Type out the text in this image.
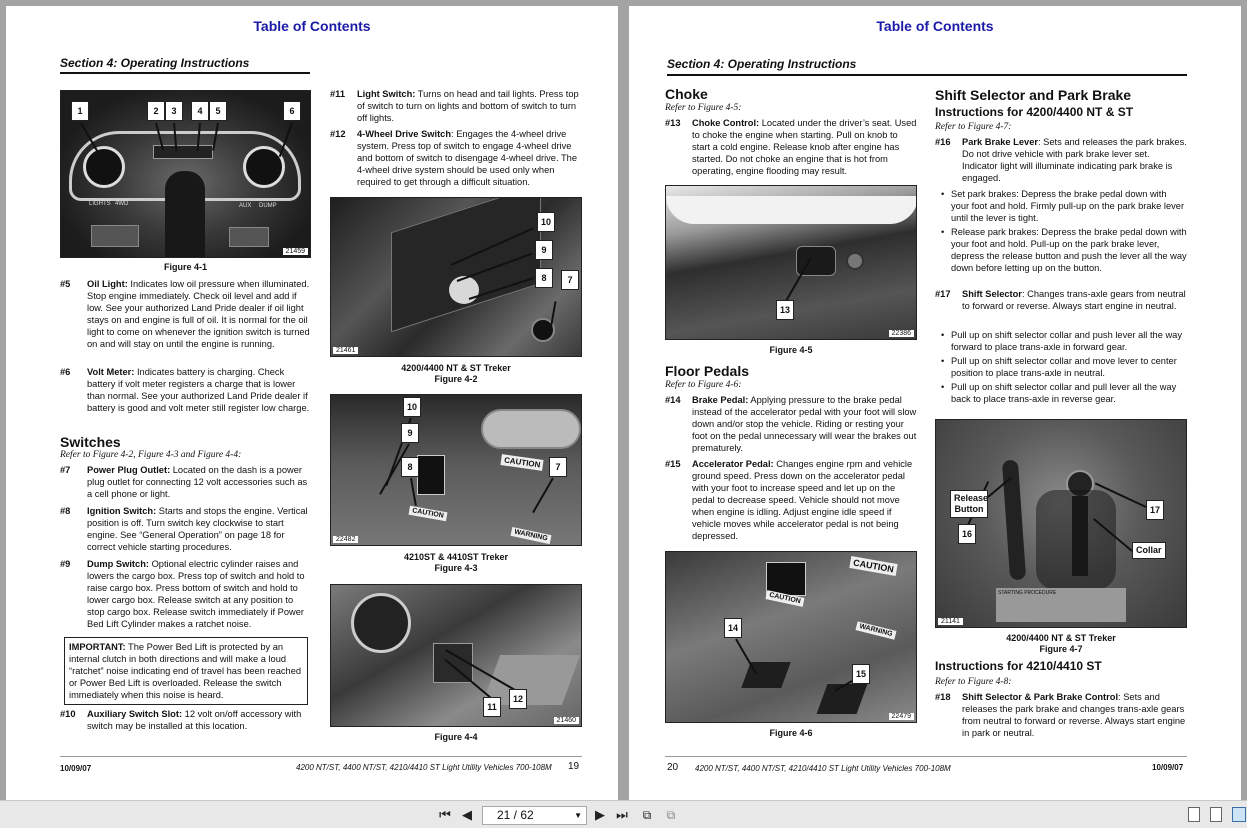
Table of Contents
Section 4: Operating Instructions
LIGHTS 4WD	AUX DUMP
1	2	3	4	5	6
21459
Figure 4-1
#5 Oil Light: Indicates low oil pressure when illuminated. Stop engine immediately. Check oil level and add if low. See your authorized Land Pride dealer if oil light stays on and engine is full of oil. It is normal for the oil light to come on whenever the ignition switch is turned on and will stay on until the engine is running.
#6 Volt Meter: Indicates battery is charging. Check battery if volt meter registers a charge that is lower than normal. See your authorized Land Pride dealer if battery is good and volt meter still register low charge.
Switches
Refer to Figure 4-2, Figure 4-3 and Figure 4-4:
#7 Power Plug Outlet: Located on the dash is a power plug outlet for connecting 12 volt accessories such as a cell phone or light.
#8 Ignition Switch: Starts and stops the engine. Vertical position is off. Turn switch key clockwise to start engine. See “General Operation” on page 18 for correct vehicle starting procedures.
#9 Dump Switch: Optional electric cylinder raises and lowers the cargo box. Press top of switch and hold to raise cargo box. Press bottom of switch and hold to lower cargo box. Release switch at any position to stop cargo box. Release switch immediately if Power Bed Lift Cylinder makes a ratchet noise.
IMPORTANT: The Power Bed Lift is protected by an internal clutch in both directions and will make a loud “ratchet” noise indicating end of travel has been reached or Power Bed Lift is overloaded. Release the switch immediately when this noise is heard.
#10 Auxiliary Switch Slot: 12 volt on/off accessory with switch may be installed at this location.
#11 Light Switch: Turns on head and tail lights. Press top of switch to turn on lights and bottom of switch to turn off lights.
#12 4-Wheel Drive Switch: Engages the 4-wheel drive system. Press top of switch to engage 4-wheel drive and bottom of switch to disengage 4-wheel drive. The 4-wheel drive system should be used only when required to get through a difficult situation.
10
9
8	7
21461
4200/4400 NT & ST Treker
Figure 4-2
CAUTION
CAUTION
WARNING
10
9
8	7
22482
4210ST & 4410ST Treker
Figure 4-3
11
12
21460
Figure 4-4
10/09/07	4200 NT/ST, 4400 NT/ST, 4210/4410 ST Light Utility Vehicles 700-108M 19
Table of Contents
Section 4: Operating Instructions
Choke
Refer to Figure 4-5:
#13 Choke Control: Located under the driver’s seat. Used to choke the engine when starting. Pull on knob to start a cold engine. Release knob after engine has started. Do not choke an engine that is hot from operating, engine flooding may result.
13
22386
Figure 4-5
Floor Pedals
Refer to Figure 4-6:
#14 Brake Pedal: Applying pressure to the brake pedal instead of the accelerator pedal with your foot will slow down and/or stop the vehicle. Riding or resting your foot on the pedal unnecessary will wear the brakes out prematurely.
#15 Accelerator Pedal: Changes engine rpm and vehicle ground speed. Press down on the accelerator pedal with your foot to increase speed and let up on the pedal to decrease speed. Vehicle should not move when engine is idling. Adjust engine idle speed if vehicle moves while accelerator pedal is not being depressed.
CAUTION
CAUTION
WARNING
14
15
22479
Figure 4-6
Shift Selector and Park Brake
Instructions for 4200/4400 NT & ST
Refer to Figure 4-7:
#16 Park Brake Lever: Sets and releases the park brakes. Do not drive vehicle with park brake lever set. Indicator light will illuminate indicating park brake is engaged.
• Set park brakes: Depress the brake pedal down with your foot and hold. Firmly pull-up on the park brake lever until the lever is tight.
• Release park brakes: Depress the brake pedal down with your foot and hold. Pull-up on the park brake lever, depress the release button and push the lever all the way down before letting up on the button.
#17 Shift Selector: Changes trans-axle gears from neutral to forward or reverse. Always start engine in neutral.
• Pull up on shift selector collar and push lever all the way forward to place trans-axle in forward gear.
• Pull up on shift selector collar and move lever to center position to place trans-axle in neutral.
• Pull up on shift selector collar and pull lever all the way back to place trans-axle in reverse gear.
STARTING PROCEDURE
Release Button
16
17
Collar
21141
4200/4400 NT & ST Treker
Figure 4-7
Instructions for 4210/4410 ST
Refer to Figure 4-8:
#18 Shift Selector & Park Brake Control: Sets and releases the park brake and changes trans-axle gears from neutral to forward or reverse. Always start engine in park or neutral.
20 4200 NT/ST, 4400 NT/ST, 4210/4410 ST Light Utility Vehicles 700-108M	10/09/07
⏮ ◀	21 / 62	▼ ▶ ⏭ ⧉ ⧉
